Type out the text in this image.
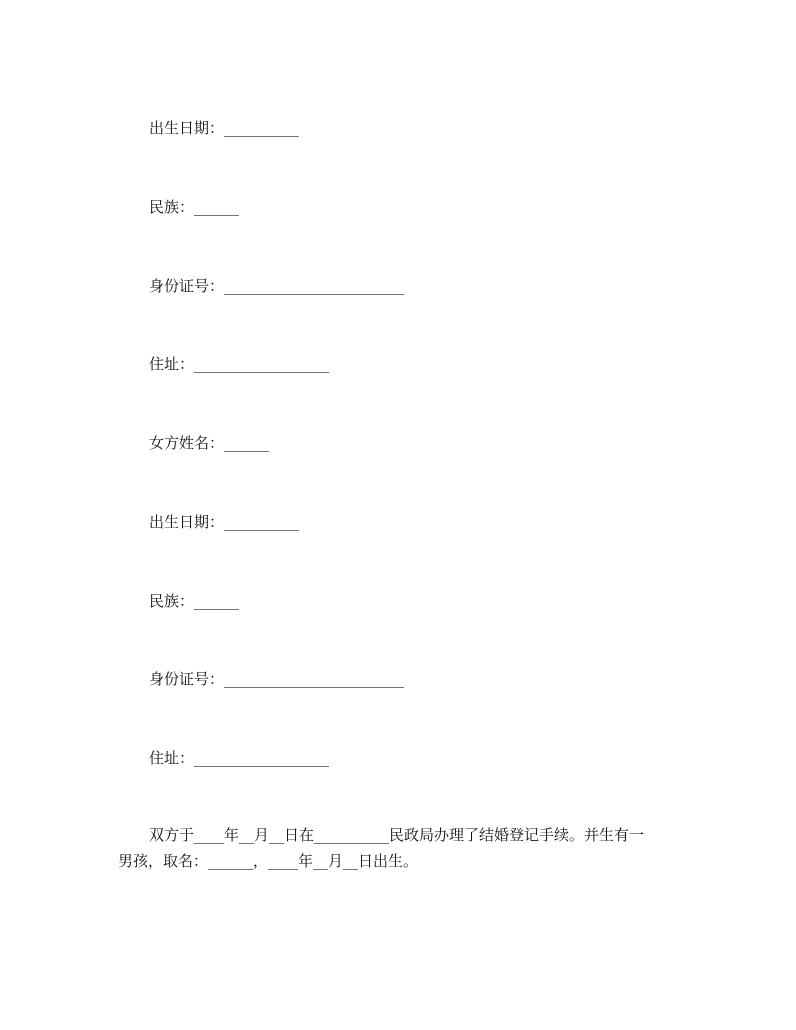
出生日期：__________
民族：______
身份证号：________________________
住址：__________________
女方姓名：______
出生日期：__________
民族：______
身份证号：________________________
住址：__________________
双方于____年__月__日在__________民政局办理了结婚登记手续。并生有一
男孩，取名：______，____年__月__日出生。
